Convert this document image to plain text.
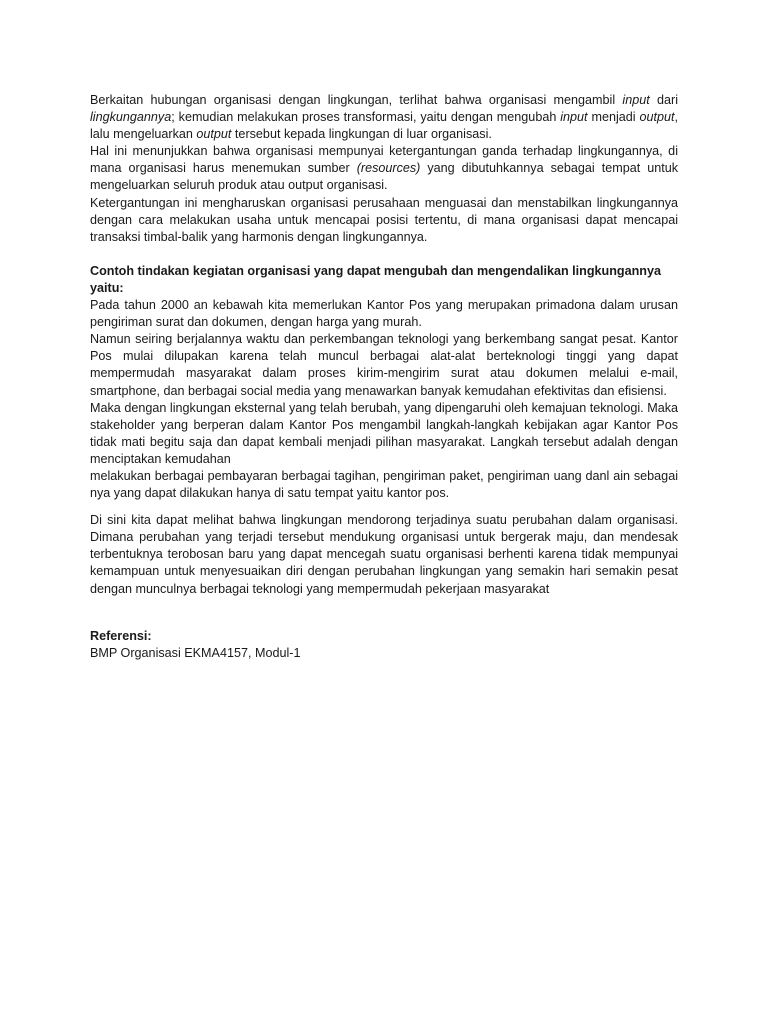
Berkaitan hubungan organisasi dengan lingkungan, terlihat bahwa organisasi mengambil input dari lingkungannya; kemudian melakukan proses transformasi, yaitu dengan mengubah input menjadi output, lalu mengeluarkan output tersebut kepada lingkungan di luar organisasi.

Hal ini menunjukkan bahwa organisasi mempunyai ketergantungan ganda terhadap lingkungannya, di mana organisasi harus menemukan sumber (resources) yang dibutuhkannya sebagai tempat untuk mengeluarkan seluruh produk atau output organisasi.

Ketergantungan ini mengharuskan organisasi perusahaan menguasai dan menstabilkan lingkungannya dengan cara melakukan usaha untuk mencapai posisi tertentu, di mana organisasi dapat mencapai transaksi timbal-balik yang harmonis dengan lingkungannya.

Contoh tindakan kegiatan organisasi yang dapat mengubah dan mengendalikan lingkungannya yaitu:

Pada tahun 2000 an kebawah kita memerlukan Kantor Pos yang merupakan primadona dalam urusan pengiriman surat dan dokumen, dengan harga yang murah.

Namun seiring berjalannya waktu dan perkembangan teknologi yang berkembang sangat pesat. Kantor Pos mulai dilupakan karena telah muncul berbagai alat-alat berteknologi tinggi yang dapat mempermudah masyarakat dalam proses kirim-mengirim surat atau dokumen melalui e-mail, smartphone, dan berbagai social media yang menawarkan banyak kemudahan efektivitas dan efisiensi.

Maka dengan lingkungan eksternal yang telah berubah, yang dipengaruhi oleh kemajuan teknologi. Maka stakeholder yang berperan dalam Kantor Pos mengambil langkah-langkah kebijakan agar Kantor Pos tidak mati begitu saja dan dapat kembali menjadi pilihan masyarakat. Langkah tersebut adalah dengan menciptakan kemudahan

melakukan berbagai pembayaran berbagai tagihan, pengiriman paket, pengiriman uang danl ain sebagai nya yang dapat dilakukan hanya di satu tempat yaitu kantor pos.

Di sini kita dapat melihat bahwa lingkungan mendorong terjadinya suatu perubahan dalam organisasi. Dimana perubahan yang terjadi tersebut mendukung organisasi untuk bergerak maju, dan mendesak terbentuknya terobosan baru yang dapat mencegah suatu organisasi berhenti karena tidak mempunyai kemampuan untuk menyesuaikan diri dengan perubahan lingkungan yang semakin hari semakin pesat dengan munculnya berbagai teknologi yang mempermudah pekerjaan masyarakat

Referensi:

BMP Organisasi EKMA4157, Modul-1
